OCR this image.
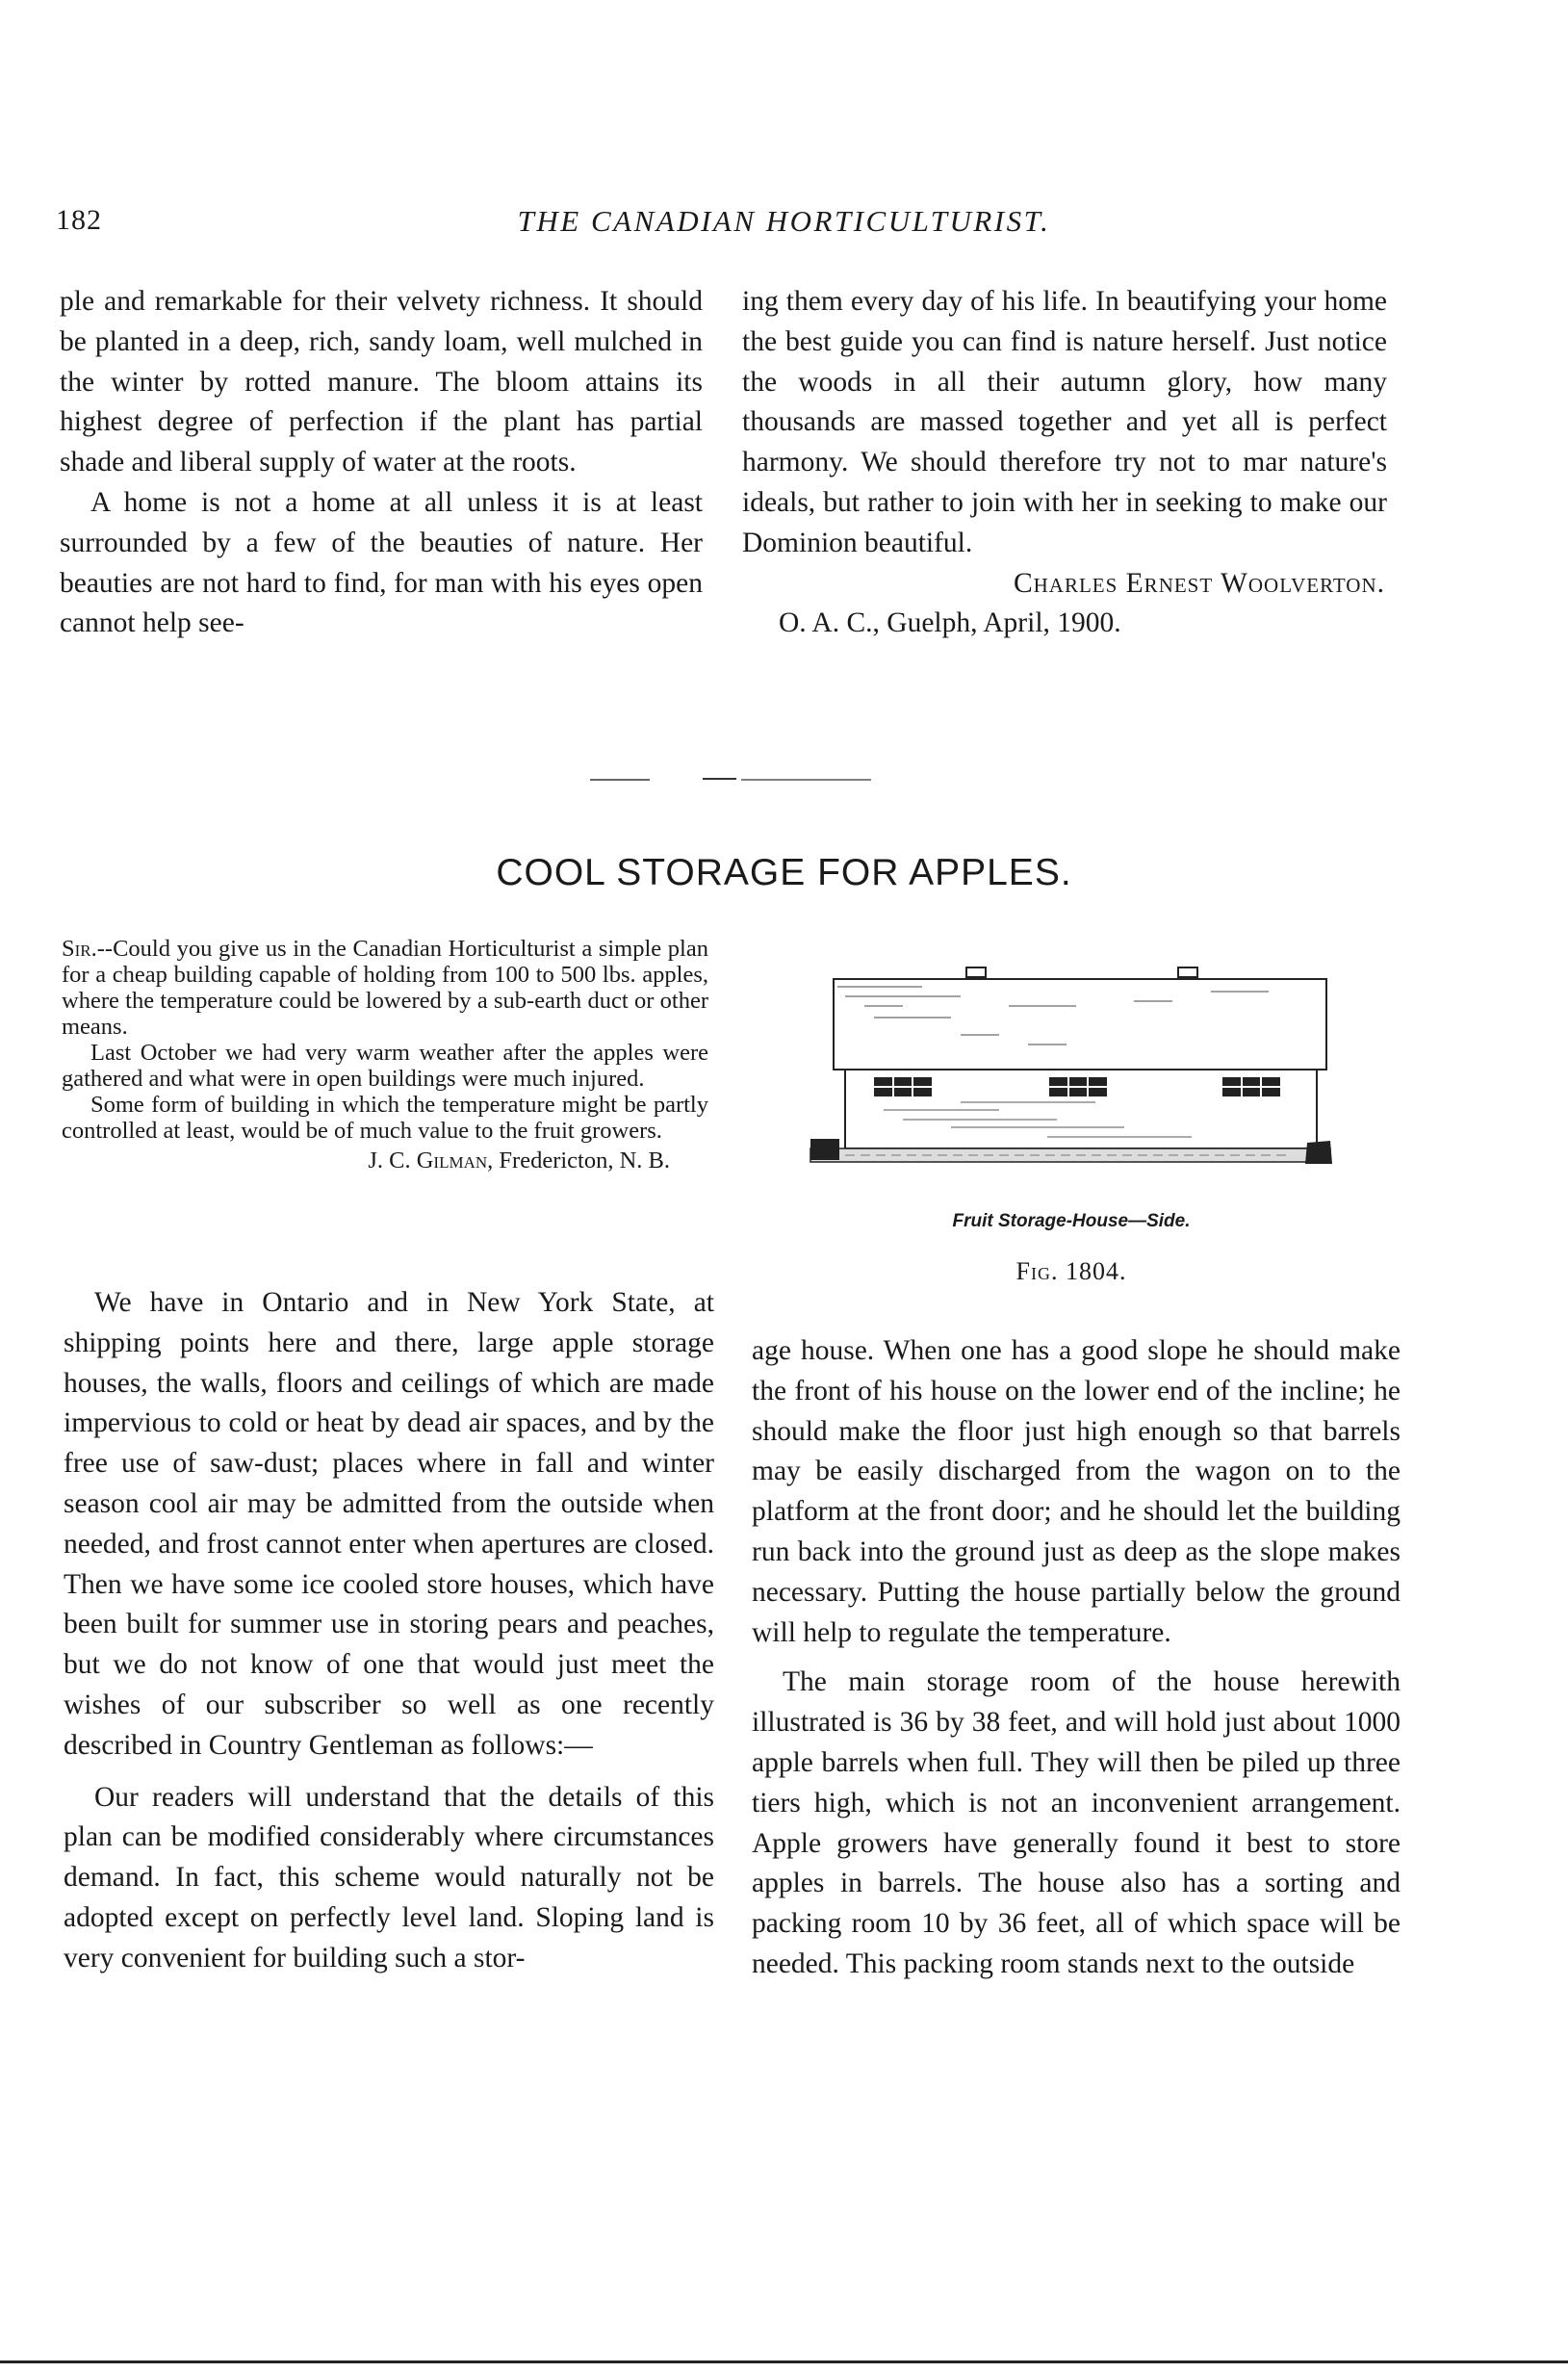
182	THE CANADIAN HORTICULTURIST.

ple and remarkable for their velvety richness. It should be planted in a deep, rich, sandy loam, well mulched in the winter by rotted manure. The bloom attains its highest degree of perfection if the plant has partial shade and liberal supply of water at the roots.

A home is not a home at all unless it is at least surrounded by a few of the beauties of nature. Her beauties are not hard to find, for man with his eyes open cannot help see-

ing them every day of his life. In beautifying your home the best guide you can find is nature herself. Just notice the woods in all their autumn glory, how many thousands are massed together and yet all is perfect harmony. We should therefore try not to mar nature's ideals, but rather to join with her in seeking to make our Dominion beautiful.

Charles Ernest Woolverton.

O. A. C., Guelph, April, 1900.

COOL STORAGE FOR APPLES.

Sir.--Could you give us in the Canadian Horticulturist a simple plan for a cheap building capable of holding from 100 to 500 lbs. apples, where the temperature could be lowered by a sub-earth duct or other means.

Last October we had very warm weather after the apples were gathered and what were in open buildings were much injured.

Some form of building in which the temperature might be partly controlled at least, would be of much value to the fruit growers.

J. C. Gilman, Fredericton, N. B.

Fruit Storage-House—Side.
Fig. 1804.

We have in Ontario and in New York State, at shipping points here and there, large apple storage houses, the walls, floors and ceilings of which are made impervious to cold or heat by dead air spaces, and by the free use of saw-dust; places where in fall and winter season cool air may be admitted from the outside when needed, and frost cannot enter when apertures are closed. Then we have some ice cooled store houses, which have been built for summer use in storing pears and peaches, but we do not know of one that would just meet the wishes of our subscriber so well as one recently described in Country Gentleman as follows:—

Our readers will understand that the details of this plan can be modified considerably where circumstances demand. In fact, this scheme would naturally not be adopted except on perfectly level land. Sloping land is very convenient for building such a stor-

age house. When one has a good slope he should make the front of his house on the lower end of the incline; he should make the floor just high enough so that barrels may be easily discharged from the wagon on to the platform at the front door; and he should let the building run back into the ground just as deep as the slope makes necessary. Putting the house partially below the ground will help to regulate the temperature.

The main storage room of the house herewith illustrated is 36 by 38 feet, and will hold just about 1000 apple barrels when full. They will then be piled up three tiers high, which is not an inconvenient arrangement. Apple growers have generally found it best to store apples in barrels. The house also has a sorting and packing room 10 by 36 feet, all of which space will be needed. This packing room stands next to the outside
